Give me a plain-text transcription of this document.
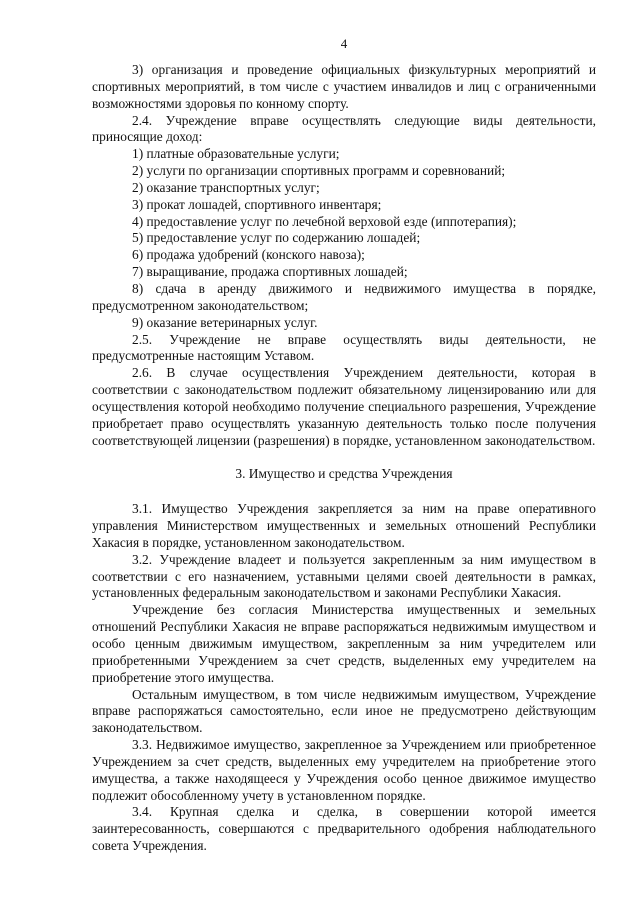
4

3) организация и проведение официальных физкультурных мероприятий и спортивных мероприятий, в том числе с участием инвалидов и лиц с ограниченными возможностями здоровья по конному спорту.

2.4. Учреждение вправе осуществлять следующие виды деятельности, приносящие доход:

1) платные образовательные услуги;

2) услуги по организации спортивных программ и соревнований;

2) оказание транспортных услуг;

3) прокат лошадей, спортивного инвентаря;

4) предоставление услуг по лечебной верховой езде (иппотерапия);

5) предоставление услуг по содержанию лошадей;

6) продажа удобрений (конского навоза);

7) выращивание, продажа спортивных лошадей;

8) сдача в аренду движимого и недвижимого имущества в порядке, предусмотренном законодательством;

9) оказание ветеринарных услуг.

2.5. Учреждение не вправе осуществлять виды деятельности, не предусмотренные настоящим Уставом.

2.6. В случае осуществления Учреждением деятельности, которая в соответствии с законодательством подлежит обязательному лицензированию или для осуществления которой необходимо получение специального разрешения, Учреждение приобретает право осуществлять указанную деятельность только после получения соответствующей лицензии (разрешения) в порядке, установленном законодательством.

3. Имущество и средства Учреждения

3.1. Имущество Учреждения закрепляется за ним на праве оперативного управления Министерством имущественных и земельных отношений Республики Хакасия в порядке, установленном законодательством.

3.2. Учреждение владеет и пользуется закрепленным за ним имуществом в соответствии с его назначением, уставными целями своей деятельности в рамках, установленных федеральным законодательством и законами Республики Хакасия.

Учреждение без согласия Министерства имущественных и земельных отношений Республики Хакасия не вправе распоряжаться недвижимым имуществом и особо ценным движимым имуществом, закрепленным за ним учредителем или приобретенными Учреждением за счет средств, выделенных ему учредителем на приобретение этого имущества.

Остальным имуществом, в том числе недвижимым имуществом, Учреждение вправе распоряжаться самостоятельно, если иное не предусмотрено действующим законодательством.

3.3. Недвижимое имущество, закрепленное за Учреждением или приобретенное Учреждением за счет средств, выделенных ему учредителем на приобретение этого имущества, а также находящееся у Учреждения особо ценное движимое имущество подлежит обособленному учету в установленном порядке.

3.4. Крупная сделка и сделка, в совершении которой имеется заинтересованность, совершаются с предварительного одобрения наблюдательного совета Учреждения.
